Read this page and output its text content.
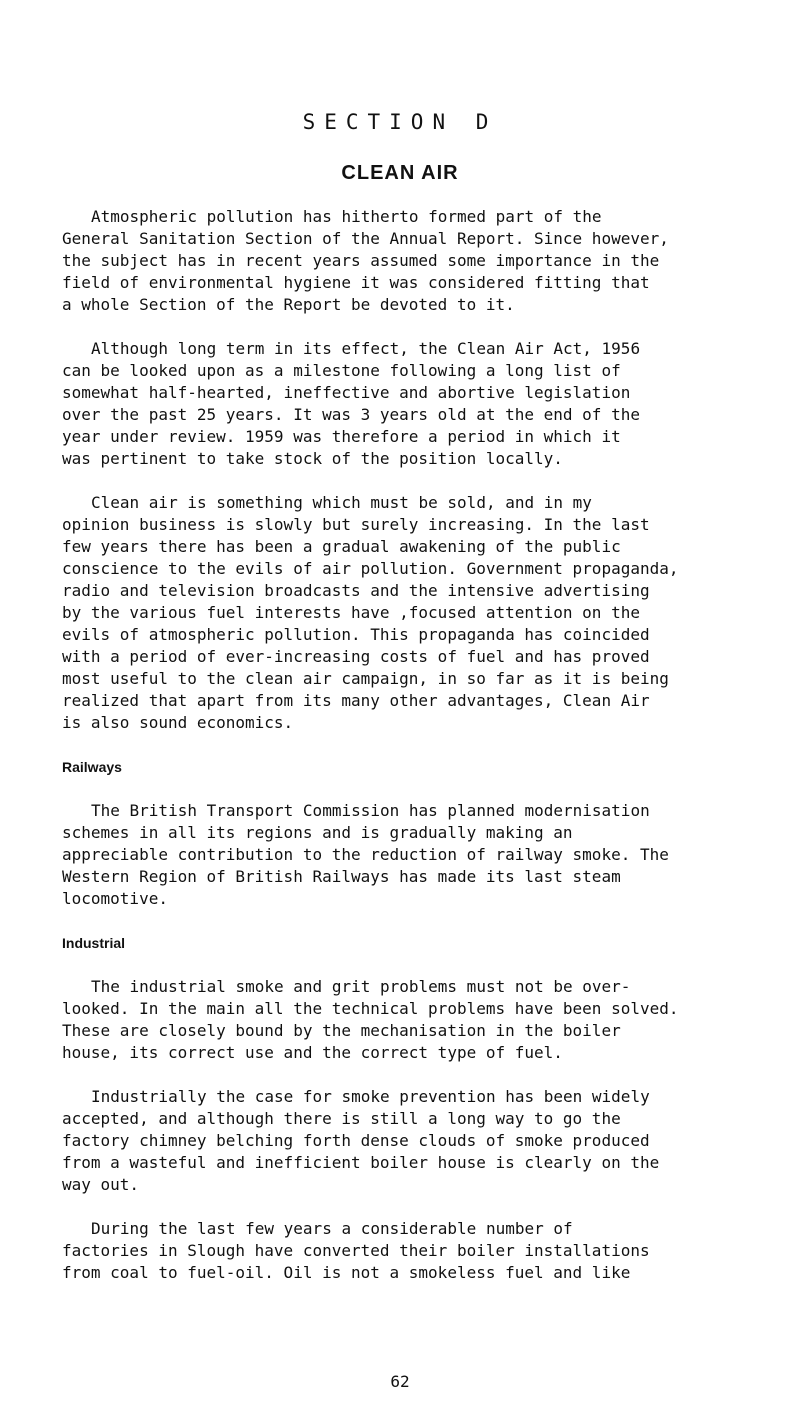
SECTION D
CLEAN AIR
Atmospheric pollution has hitherto formed part of the
General Sanitation Section of the Annual Report. Since however,
the subject has in recent years assumed some importance in the
field of environmental hygiene it was considered fitting that
a whole Section of the Report be devoted to it.
Although long term in its effect, the Clean Air Act, 1956
can be looked upon as a milestone following a long list of
somewhat half-hearted, ineffective and abortive legislation
over the past 25 years. It was 3 years old at the end of the
year under review. 1959 was therefore a period in which it
was pertinent to take stock of the position locally.
Clean air is something which must be sold, and in my
opinion business is slowly but surely increasing. In the last
few years there has been a gradual awakening of the public
conscience to the evils of air pollution. Government propaganda,
radio and television broadcasts and the intensive advertising
by the various fuel interests have ,focused attention on the
evils of atmospheric pollution. This propaganda has coincided
with a period of ever-increasing costs of fuel and has proved
most useful to the clean air campaign, in so far as it is being
realized that apart from its many other advantages, Clean Air
is also sound economics.
Railways
The British Transport Commission has planned modernisation
schemes in all its regions and is gradually making an
appreciable contribution to the reduction of railway smoke. The
Western Region of British Railways has made its last steam
locomotive.
Industrial
The industrial smoke and grit problems must not be over-
looked. In the main all the technical problems have been solved.
These are closely bound by the mechanisation in the boiler
house, its correct use and the correct type of fuel.
Industrially the case for smoke prevention has been widely
accepted, and although there is still a long way to go the
factory chimney belching forth dense clouds of smoke produced
from a wasteful and inefficient boiler house is clearly on the
way out.
During the last few years a considerable number of
factories in Slough have converted their boiler installations
from coal to fuel-oil. Oil is not a smokeless fuel and like
62
